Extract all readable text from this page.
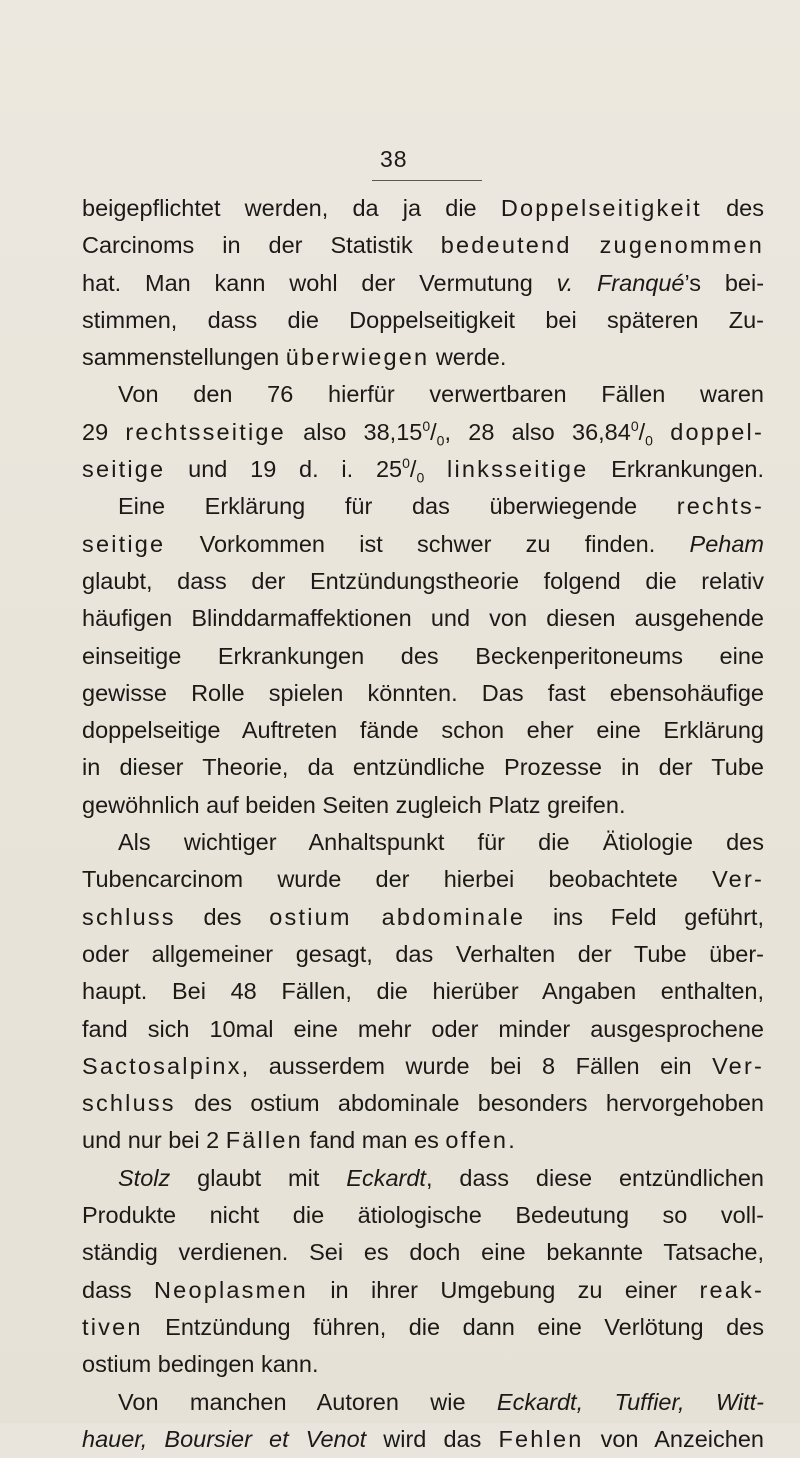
38
beigepflichtet werden, da ja die Doppelseitigkeit des
Carcinoms in der Statistik bedeutend zugenommen
hat. Man kann wohl der Vermutung v. Franqué’s bei-
stimmen, dass die Doppelseitigkeit bei späteren Zu-
sammenstellungen überwiegen werde.
Von den 76 hierfür verwertbaren Fällen waren
29 rechtsseitige also $38,15^0/_0$, 28 also $36,84^0/_0$ doppel-
seitige und 19 d. i. $25^0/_0$ linksseitige Erkrankungen.
Eine Erklärung für das überwiegende rechts-
seitige Vorkommen ist schwer zu finden. Peham
glaubt, dass der Entzündungstheorie folgend die relativ
häufigen Blinddarmaffektionen und von diesen ausgehende
einseitige Erkrankungen des Beckenperitoneums eine
gewisse Rolle spielen könnten. Das fast ebensohäufige
doppelseitige Auftreten fände schon eher eine Erklärung
in dieser Theorie, da entzündliche Prozesse in der Tube
gewöhnlich auf beiden Seiten zugleich Platz greifen.
Als wichtiger Anhaltspunkt für die Ätiologie des
Tubencarcinom wurde der hierbei beobachtete Ver-
schluss des ostium abdominale ins Feld geführt,
oder allgemeiner gesagt, das Verhalten der Tube über-
haupt. Bei 48 Fällen, die hierüber Angaben enthalten,
fand sich 10mal eine mehr oder minder ausgesprochene
Sactosalpinx, ausserdem wurde bei 8 Fällen ein Ver-
schluss des ostium abdominale besonders hervorgehoben
und nur bei 2 Fällen fand man es offen.
Stolz glaubt mit Eckardt, dass diese entzündlichen
Produkte nicht die ätiologische Bedeutung so voll-
ständig verdienen. Sei es doch eine bekannte Tatsache,
dass Neoplasmen in ihrer Umgebung zu einer reak-
tiven Entzündung führen, die dann eine Verlötung des
ostium bedingen kann.
Von manchen Autoren wie Eckardt, Tuffier, Witt-
hauer, Boursier et Venot wird das Fehlen von Anzeichen
